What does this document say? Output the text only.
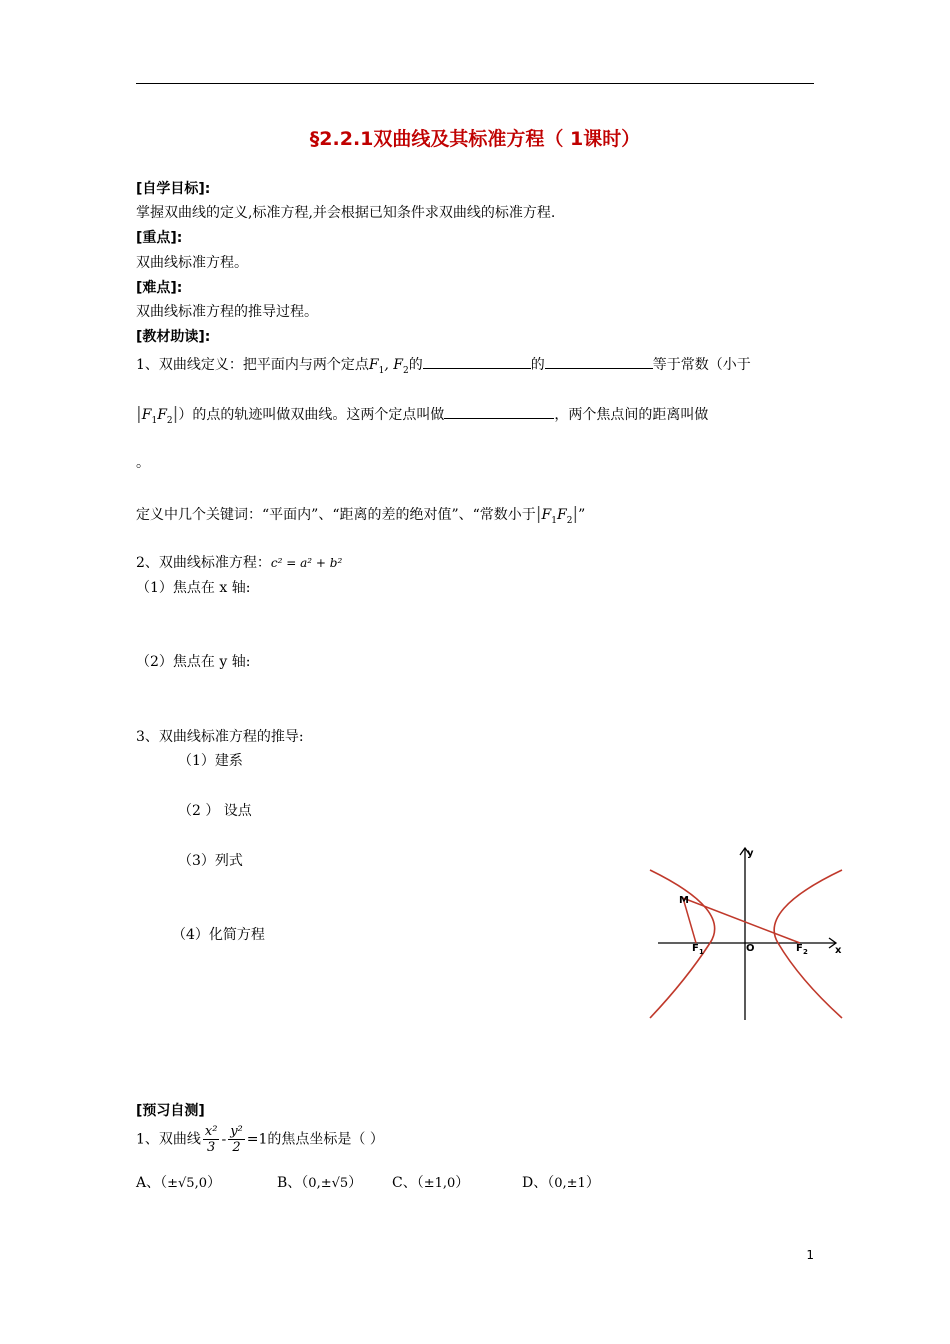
§2.2.1双曲线及其标准方程（ 1课时）
[自学目标]:
掌握双曲线的定义,标准方程,并会根据已知条件求双曲线的标准方程.
[重点]:
双曲线标准方程。
[难点]:
双曲线标准方程的推导过程。
[教材助读]:
1、双曲线定义：把平面内与两个定点$F_1$, $F_2$的	的	等于常数（小于
$|F_1F_2|$）的点的轨迹叫做双曲线。这两个定点叫做	，两个焦点间的距离叫做
。
定义中几个关键词：“平面内”、“距离的差的绝对值”、“常数小于$|F_1F_2|$”
2、双曲线标准方程：c² = a² + b²
（1）焦点在 x 轴:
（2）焦点在 y 轴:
3、双曲线标准方程的推导:
（1）建系
（2 ） 设点
（3）列式
（4）化简方程
y
x
M
F 1	O	F 2
[预习自测]
1、双曲线 $\frac{\text{x²}}{3} - \frac{\text{y²}}{2} =1$的焦点坐标是（ ）
A、（±√5,0）	B、（0,±√5） C、（±1,0）	D、（0,±1）
1
